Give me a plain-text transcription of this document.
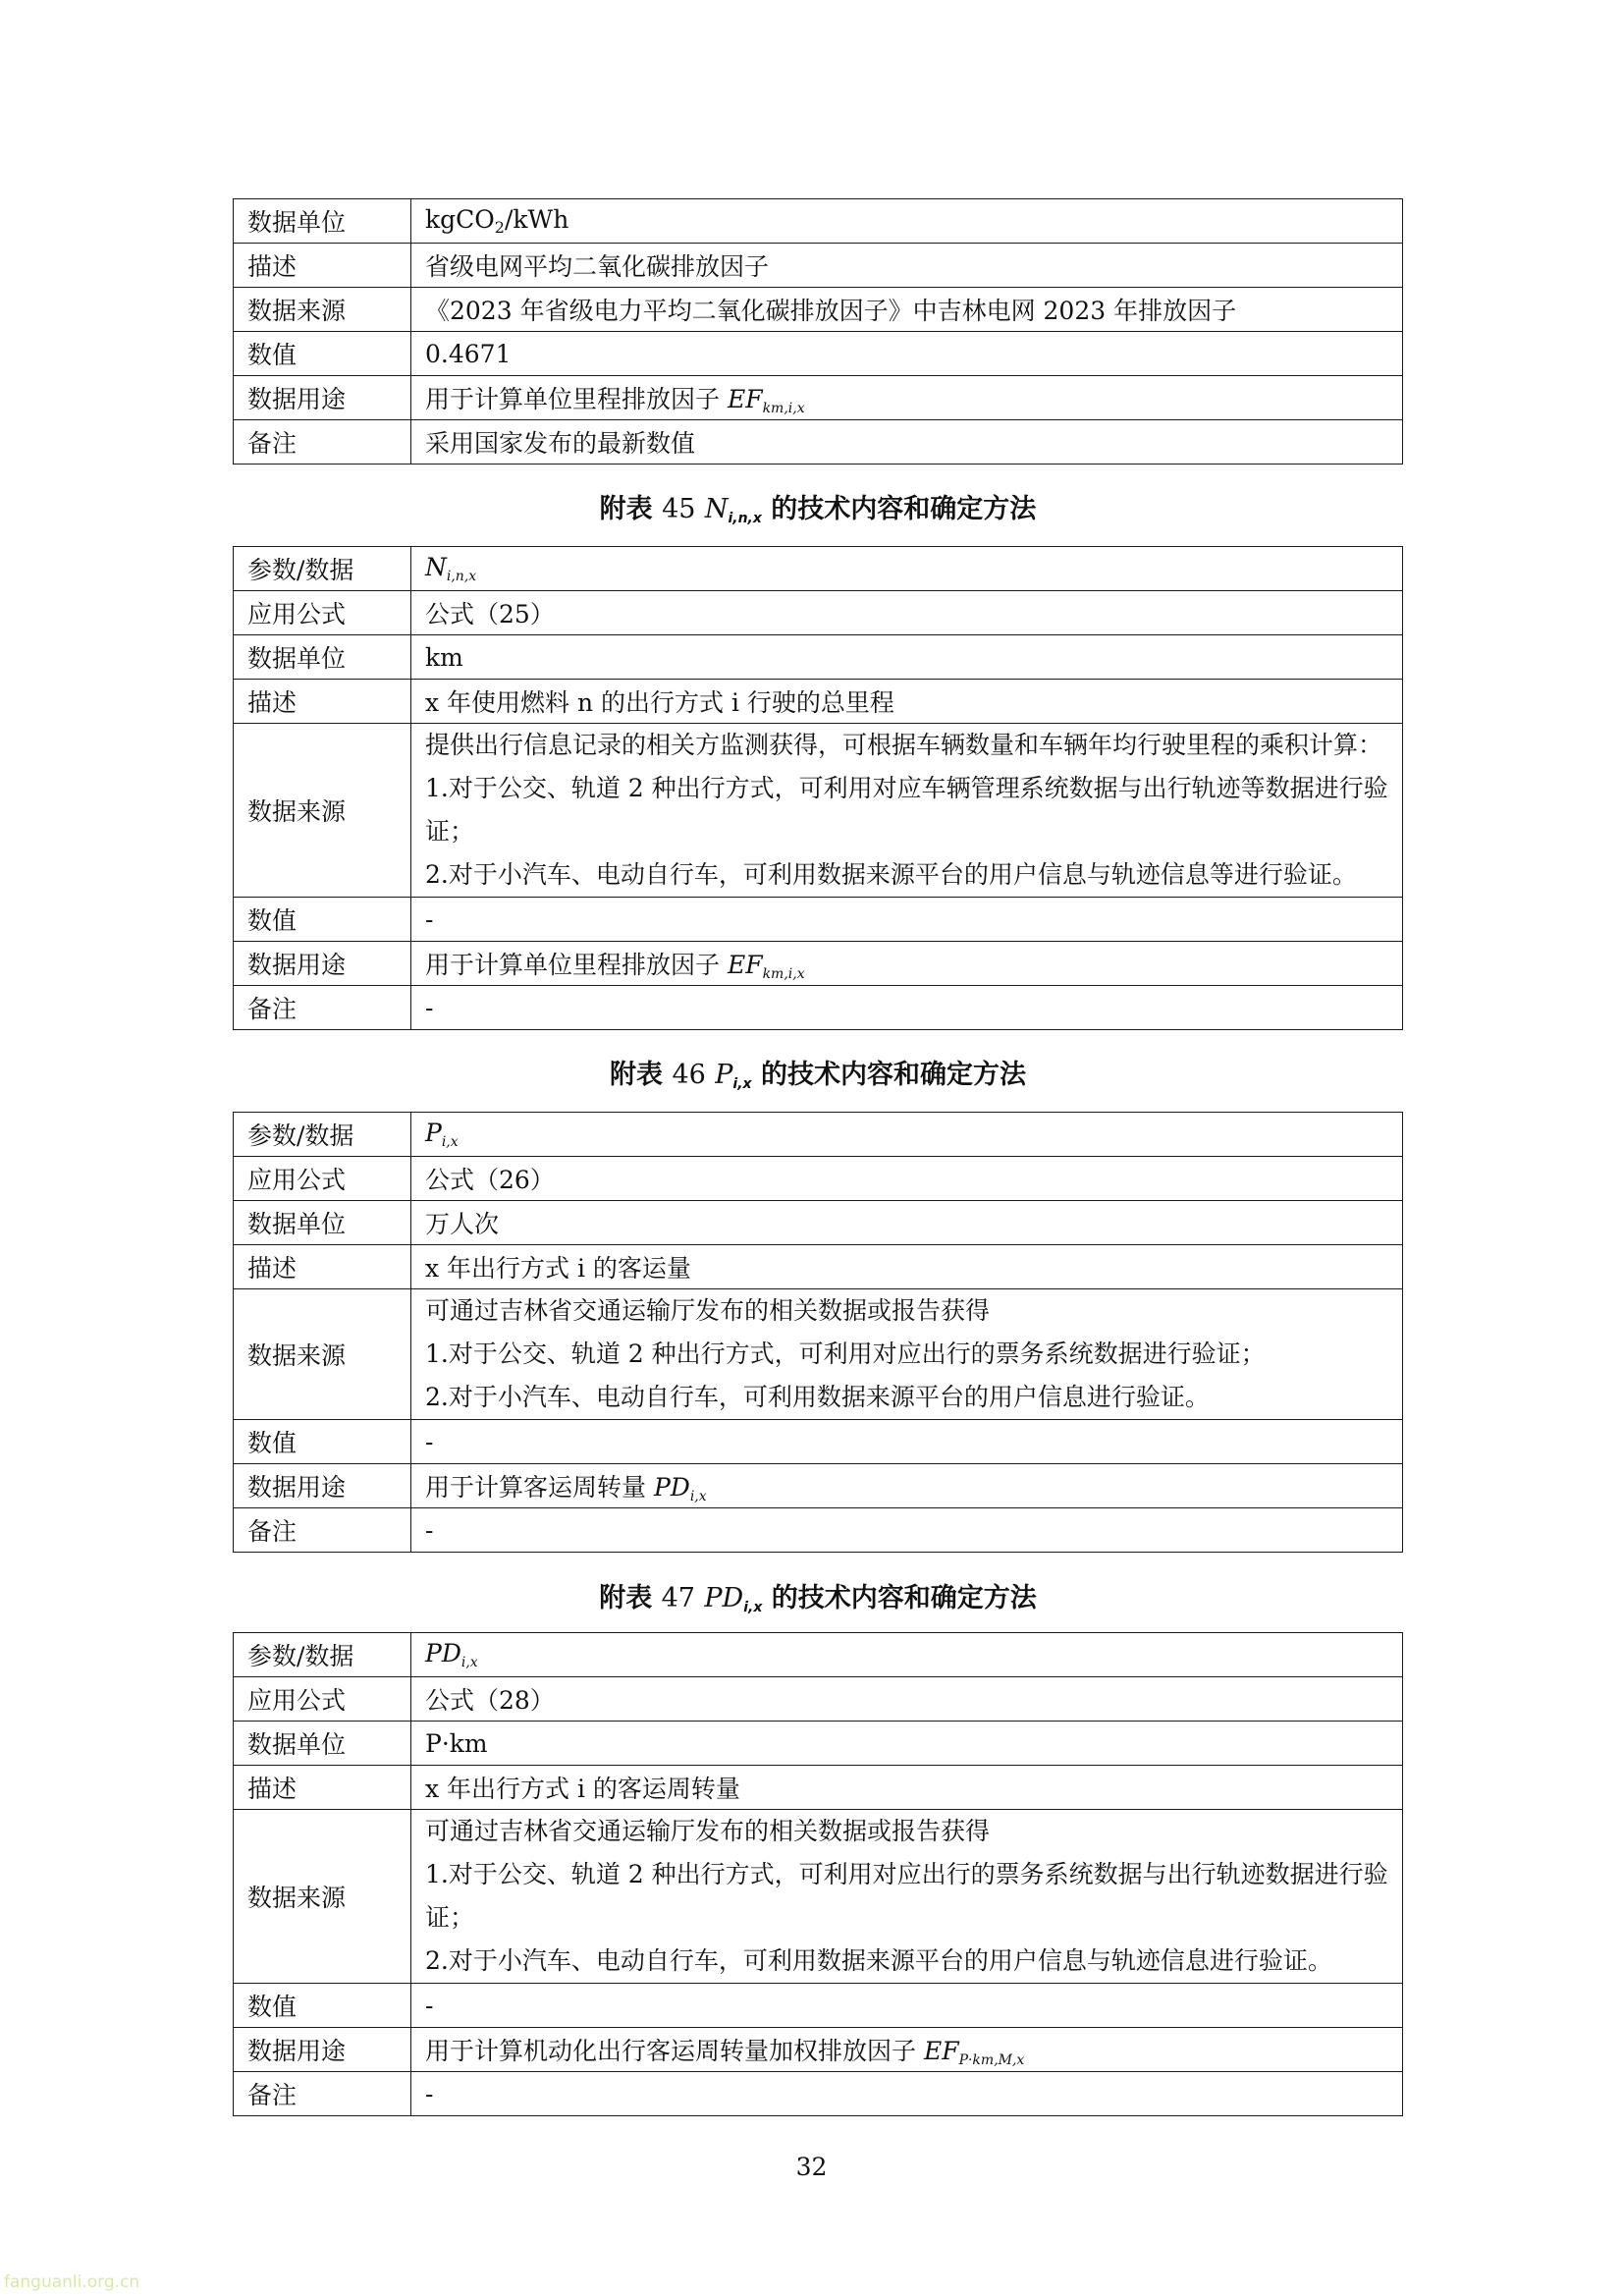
数据单位	kgCO$_2$/kWh
描述	省级电网平均二氧化碳排放因子
数据来源	《2023 年省级电力平均二氧化碳排放因子》中吉林电网 2023 年排放因子
数值	0.4671
数据用途	用于计算单位里程排放因子 $EF_{km,i,x}$
备注	采用国家发布的最新数值
附表 45 $N_{i,n,x}$ 的技术内容和确定方法
参数/数据	$N_{i,n,x}$
应用公式	公式（25）
数据单位	km
描述	x 年使用燃料 n 的出行方式 i 行驶的总里程
数据来源	提供出行信息记录的相关方监测获得，可根据车辆数量和车辆年均行驶里程的乘积计算：
1.对于公交、轨道 2 种出行方式，可利用对应车辆管理系统数据与出行轨迹等数据进行验
证；
2.对于小汽车、电动自行车，可利用数据来源平台的用户信息与轨迹信息等进行验证。

数值	-
数据用途	用于计算单位里程排放因子 $EF_{km,i,x}$
备注	-
附表 46 $P_{i,x}$ 的技术内容和确定方法
参数/数据	$P_{i,x}$
应用公式	公式（26）
数据单位	万人次
描述	x 年出行方式 i 的客运量
数据来源	可通过吉林省交通运输厅发布的相关数据或报告获得
1.对于公交、轨道 2 种出行方式，可利用对应出行的票务系统数据进行验证；
2.对于小汽车、电动自行车，可利用数据来源平台的用户信息进行验证。

数值	-
数据用途	用于计算客运周转量 $PD_{i,x}$
备注	-
附表 47 $PD_{i,x}$ 的技术内容和确定方法
参数/数据	$PD_{i,x}$
应用公式	公式（28）
数据单位	P·km
描述	x 年出行方式 i 的客运周转量
数据来源	可通过吉林省交通运输厅发布的相关数据或报告获得
1.对于公交、轨道 2 种出行方式，可利用对应出行的票务系统数据与出行轨迹数据进行验
证；
2.对于小汽车、电动自行车，可利用数据来源平台的用户信息与轨迹信息进行验证。

数值	-
数据用途	用于计算机动化出行客运周转量加权排放因子 $EF_{P\cdot km,M,x}$
备注	-
32
fanguanli.org.cn
